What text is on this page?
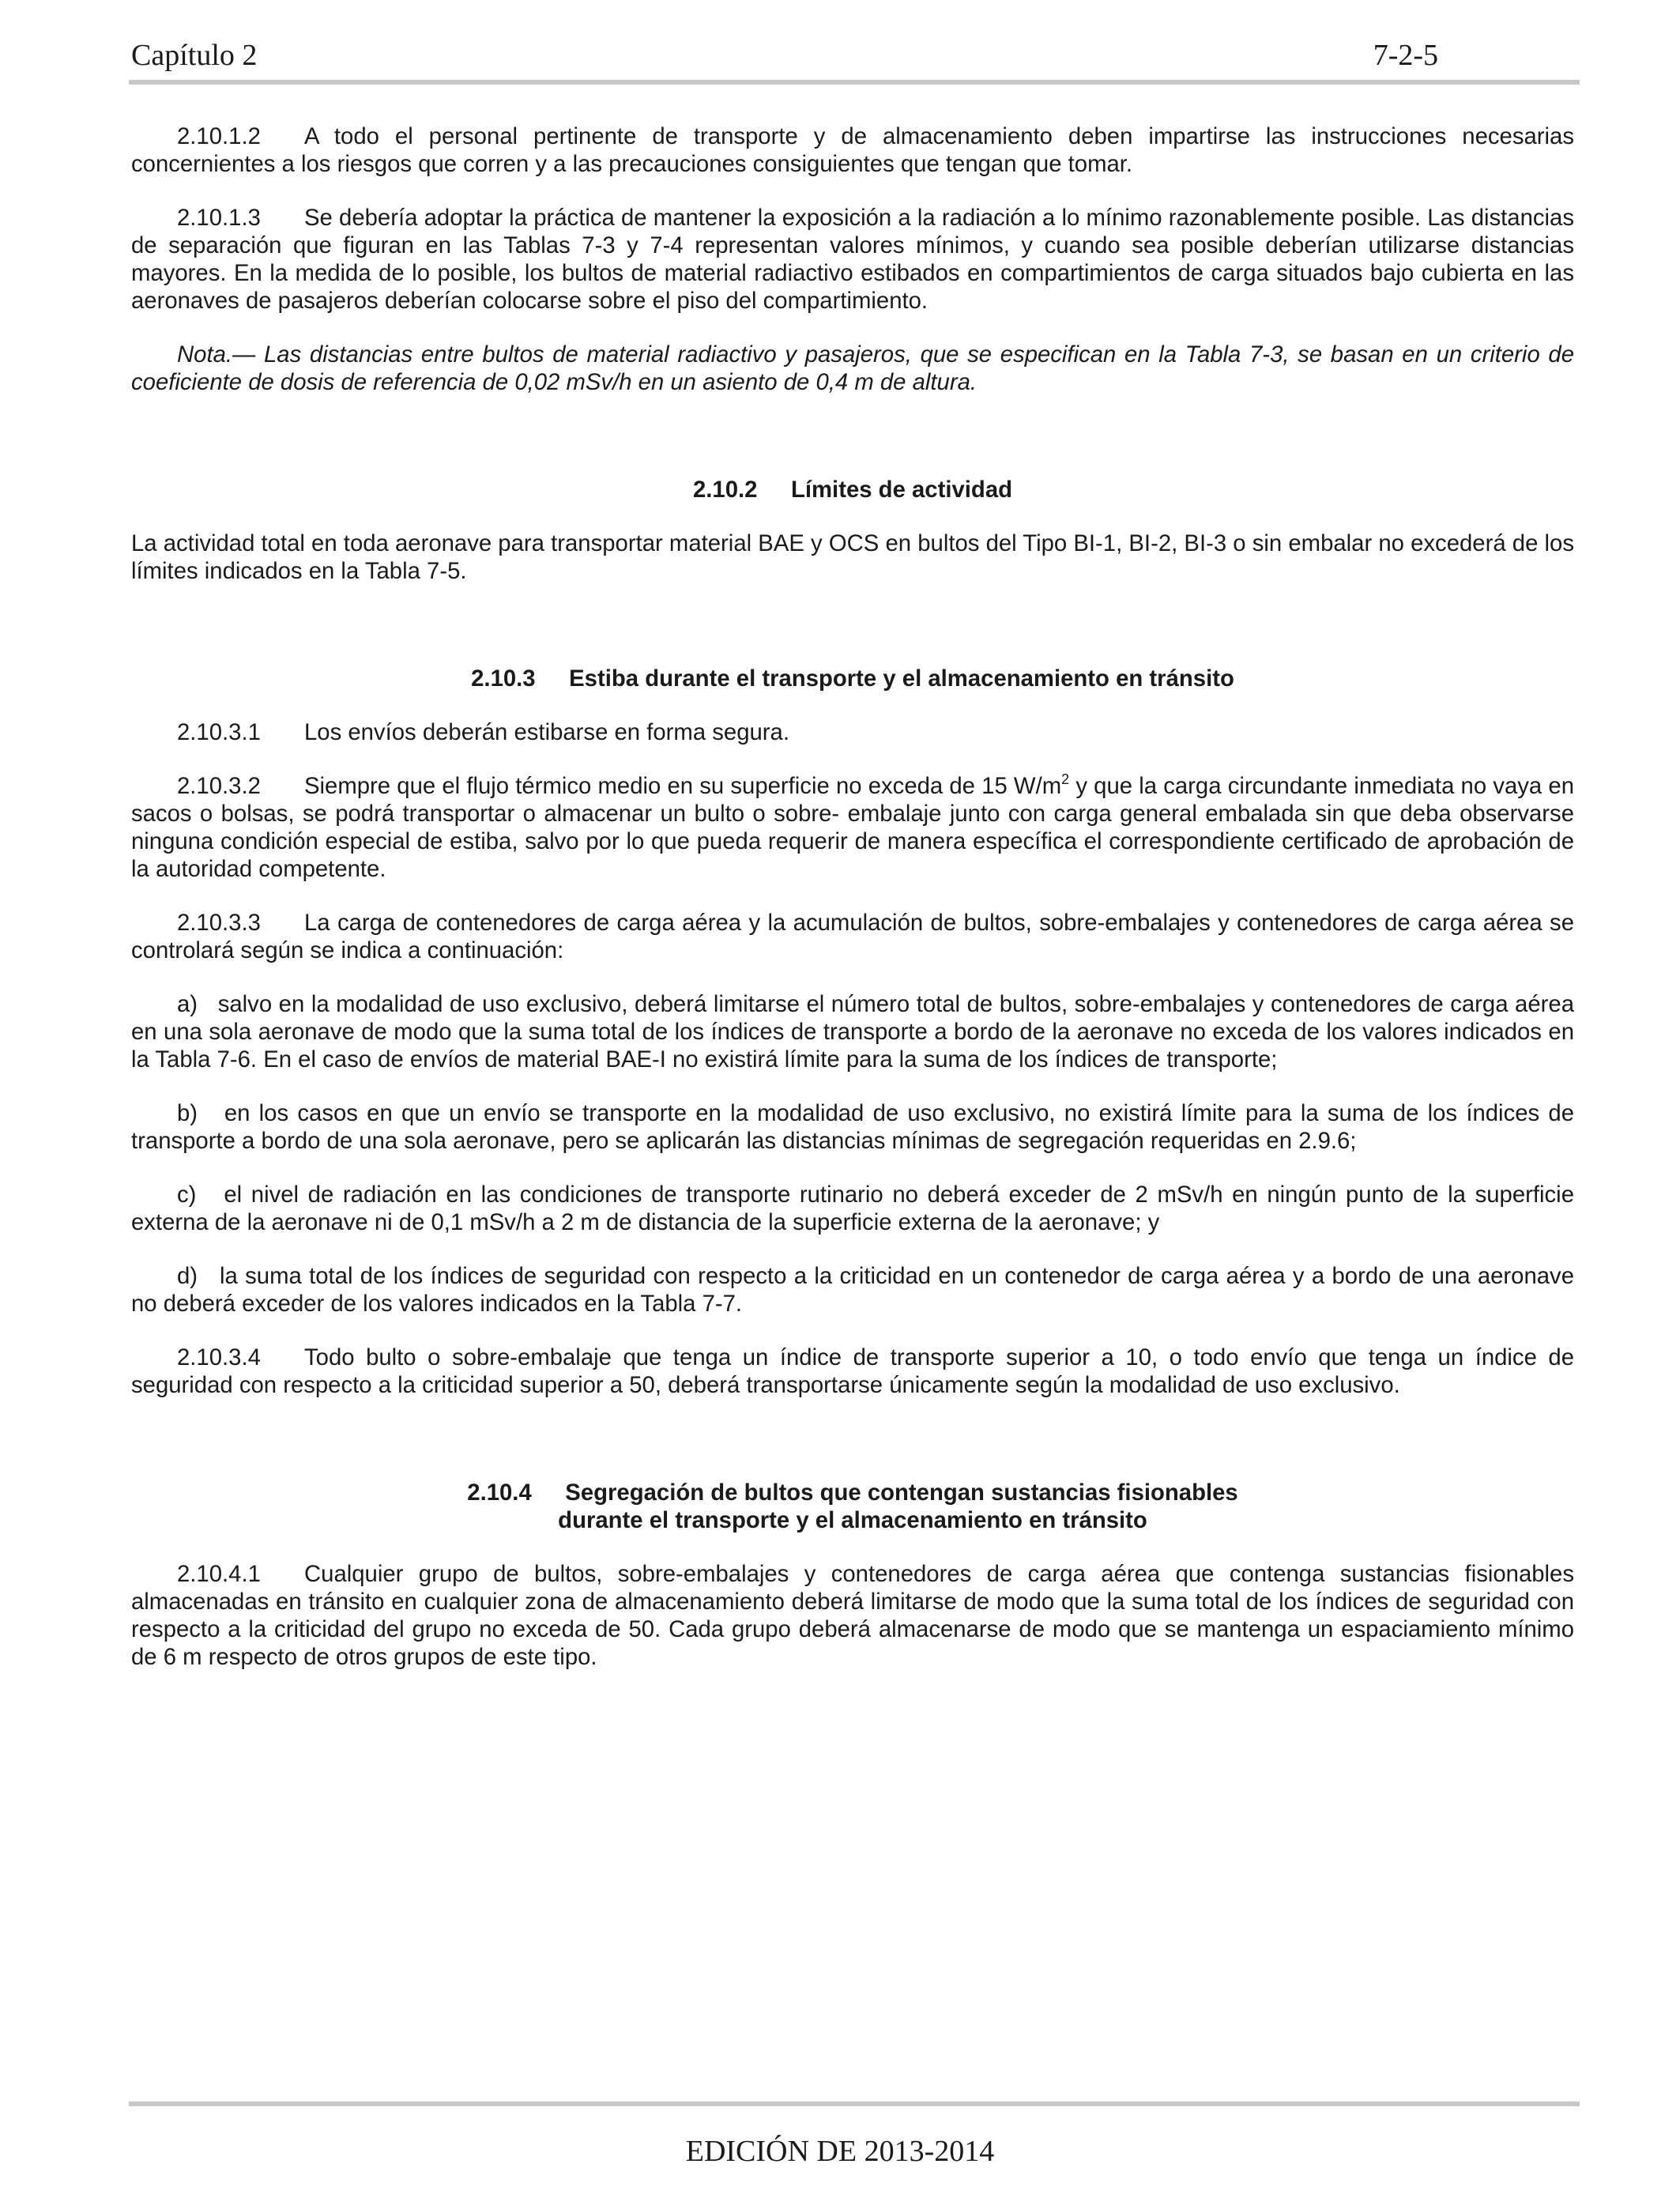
Capítulo 2	7-2-5

2.10.1.2 A todo el personal pertinente de transporte y de almacenamiento deben impartirse las instrucciones necesarias concernientes a los riesgos que corren y a las precauciones consiguientes que tengan que tomar.

2.10.1.3 Se debería adoptar la práctica de mantener la exposición a la radiación a lo mínimo razonablemente posible. Las distancias de separación que figuran en las Tablas 7-3 y 7-4 representan valores mínimos, y cuando sea posible deberían utilizarse distancias mayores. En la medida de lo posible, los bultos de material radiactivo estibados en compartimientos de carga situados bajo cubierta en las aeronaves de pasajeros deberían colocarse sobre el piso del compartimiento.

Nota.— Las distancias entre bultos de material radiactivo y pasajeros, que se especifican en la Tabla 7-3, se basan en un criterio de coeficiente de dosis de referencia de 0,02 mSv/h en un asiento de 0,4 m de altura.

2.10.2 Límites de actividad

La actividad total en toda aeronave para transportar material BAE y OCS en bultos del Tipo BI-1, BI-2, BI-3 o sin embalar no excederá de los límites indicados en la Tabla 7-5.

2.10.3 Estiba durante el transporte y el almacenamiento en tránsito

2.10.3.1 Los envíos deberán estibarse en forma segura.

2.10.3.2 Siempre que el flujo térmico medio en su superficie no exceda de 15 $W/m^2$ y que la carga circundante inmediata no vaya en sacos o bolsas, se podrá transportar o almacenar un bulto o sobre- embalaje junto con carga general embalada sin que deba observarse ninguna condición especial de estiba, salvo por lo que pueda requerir de manera específica el correspondiente certificado de aprobación de la autoridad competente.

2.10.3.3 La carga de contenedores de carga aérea y la acumulación de bultos, sobre-embalajes y contenedores de carga aérea se controlará según se indica a continuación:

a) salvo en la modalidad de uso exclusivo, deberá limitarse el número total de bultos, sobre-embalajes y contenedores de carga aérea en una sola aeronave de modo que la suma total de los índices de transporte a bordo de la aeronave no exceda de los valores indicados en la Tabla 7-6. En el caso de envíos de material BAE-I no existirá límite para la suma de los índices de transporte;

b) en los casos en que un envío se transporte en la modalidad de uso exclusivo, no existirá límite para la suma de los índices de transporte a bordo de una sola aeronave, pero se aplicarán las distancias mínimas de segregación requeridas en 2.9.6;

c) el nivel de radiación en las condiciones de transporte rutinario no deberá exceder de 2 mSv/h en ningún punto de la superficie externa de la aeronave ni de 0,1 mSv/h a 2 m de distancia de la superficie externa de la aeronave; y

d) la suma total de los índices de seguridad con respecto a la criticidad en un contenedor de carga aérea y a bordo de una aeronave no deberá exceder de los valores indicados en la Tabla 7-7.

2.10.3.4 Todo bulto o sobre-embalaje que tenga un índice de transporte superior a 10, o todo envío que tenga un índice de seguridad con respecto a la criticidad superior a 50, deberá transportarse únicamente según la modalidad de uso exclusivo.

2.10.4 Segregación de bultos que contengan sustancias fisionables
durante el transporte y el almacenamiento en tránsito

2.10.4.1 Cualquier grupo de bultos, sobre-embalajes y contenedores de carga aérea que contenga sustancias fisionables almacenadas en tránsito en cualquier zona de almacenamiento deberá limitarse de modo que la suma total de los índices de seguridad con respecto a la criticidad del grupo no exceda de 50. Cada grupo deberá almacenarse de modo que se mantenga un espaciamiento mínimo de 6 m respecto de otros grupos de este tipo.

EDICIÓN DE 2013-2014
